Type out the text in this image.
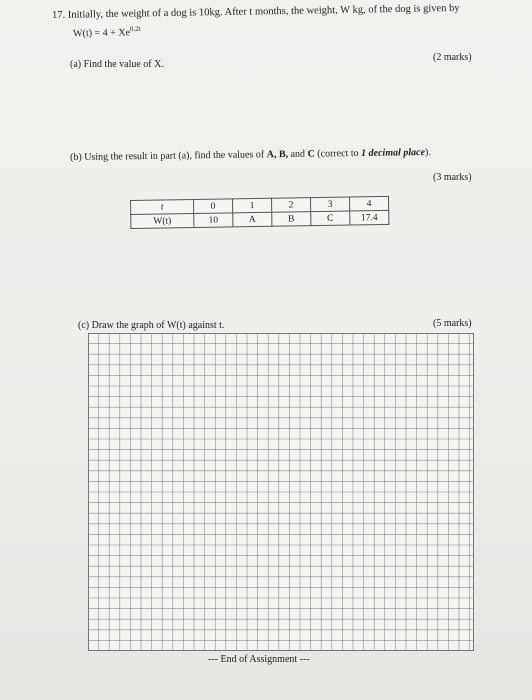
17. Initially, the weight of a dog is 10kg. After t months, the weight, W kg, of the dog is given by
$W(t) = 4 + Xe^{0.2t}$
(a) Find the value of X.
(2 marks)
(b) Using the result in part (a), find the values of A, B, and C (correct to 1 decimal place).
(3 marks)
t	0	1	2	3	4
W(t)	10	A	B	C	17.4
(c) Draw the graph of W(t) against t.	(5 marks)
--- End of Assignment ---
